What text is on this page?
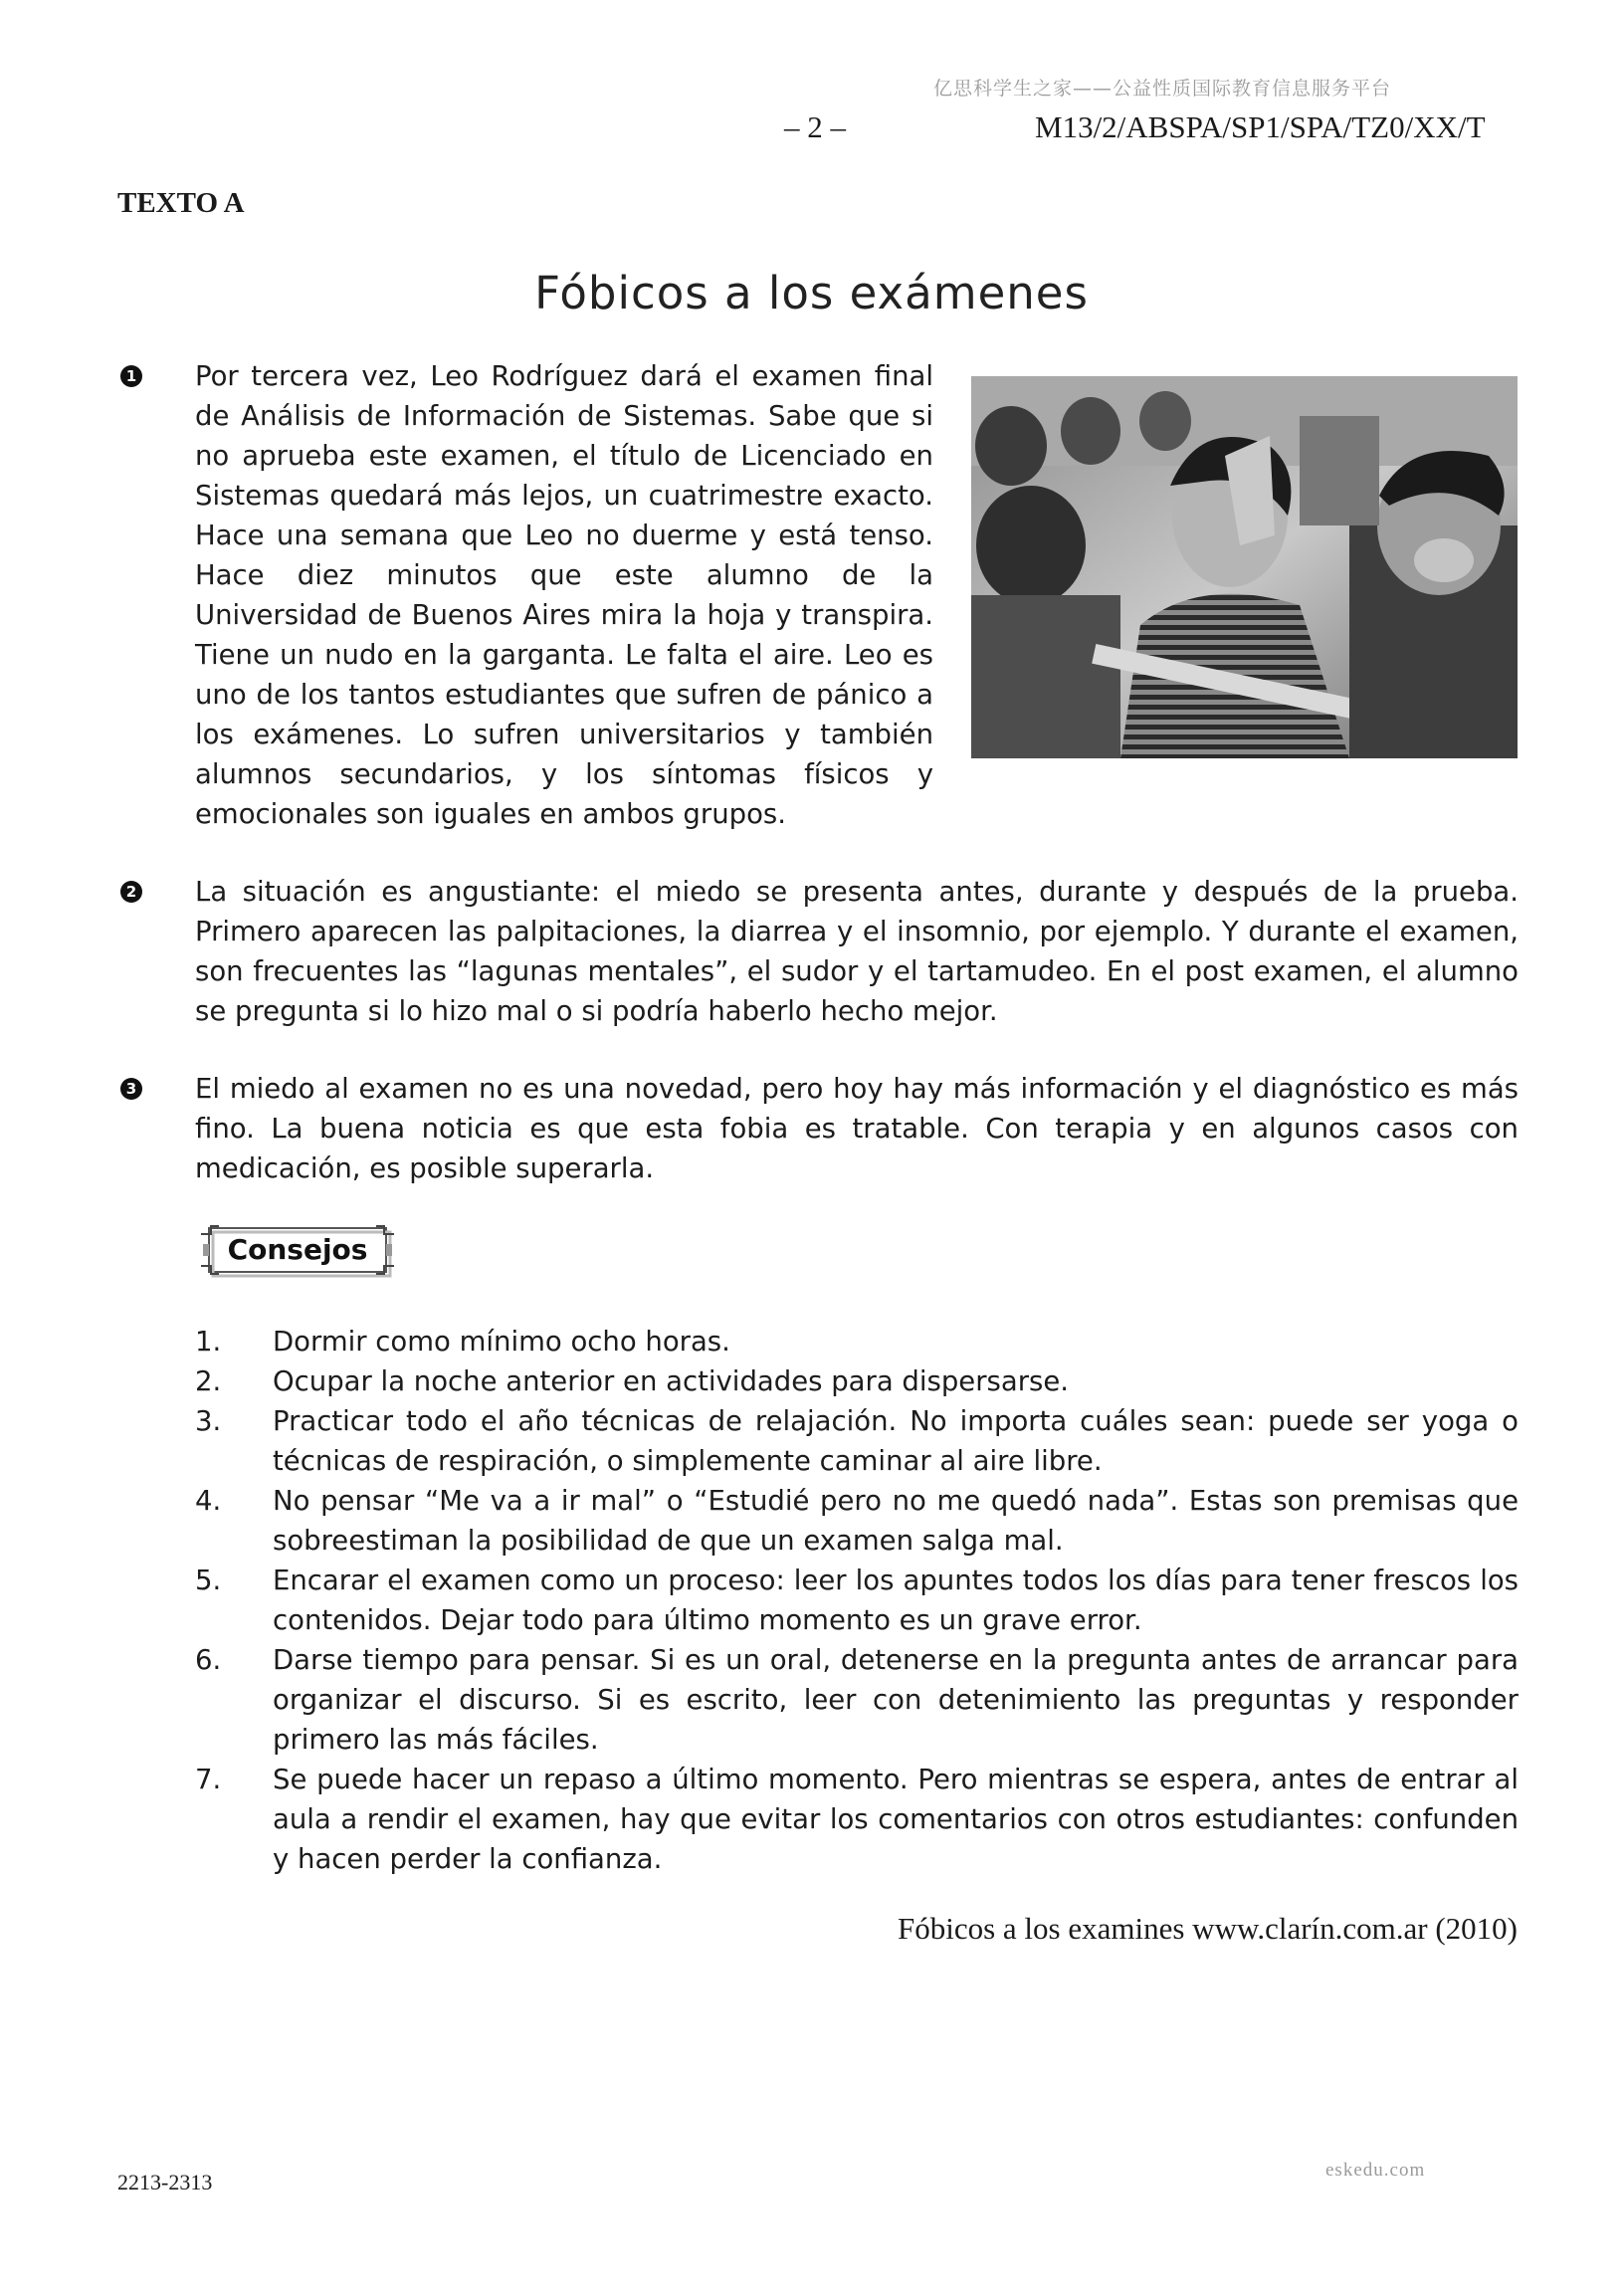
亿思科学生之家——公益性质国际教育信息服务平台
– 2 –	M13/2/ABSPA/SP1/SPA/TZ0/XX/T
TEXTO A
Fóbicos a los exámenes
1 Por tercera vez, Leo Rodríguez dará el examen final de Análisis de Información de Sistemas. Sabe que si no aprueba este examen, el título de Licenciado en Sistemas quedará más lejos, un cuatrimestre exacto. Hace una semana que Leo no duerme y está tenso. Hace diez minutos que este alumno de la Universidad de Buenos Aires mira la hoja y transpira. Tiene un nudo en la garganta. Le falta el aire. Leo es uno de los tantos estudiantes que sufren de pánico a los exámenes. Lo sufren universitarios y también alumnos secundarios, y los síntomas físicos y emocionales son iguales en ambos grupos.
2 La situación es angustiante: el miedo se presenta antes, durante y después de la prueba. Primero aparecen las palpitaciones, la diarrea y el insomnio, por ejemplo. Y durante el examen, son frecuentes las “lagunas mentales”, el sudor y el tartamudeo. En el post examen, el alumno se pregunta si lo hizo mal o si podría haberlo hecho mejor.
3 El miedo al examen no es una novedad, pero hoy hay más información y el diagnóstico es más fino. La buena noticia es que esta fobia es tratable. Con terapia y en algunos casos con medicación, es posible superarla.
Consejos
1.	Dormir como mínimo ocho horas.
2.	Ocupar la noche anterior en actividades para dispersarse.
3.	Practicar todo el año técnicas de relajación. No importa cuáles sean: puede ser yoga o técnicas de respiración, o simplemente caminar al aire libre.
4.	No pensar “Me va a ir mal” o “Estudié pero no me quedó nada”. Estas son premisas que sobreestiman la posibilidad de que un examen salga mal.
5.	Encarar el examen como un proceso: leer los apuntes todos los días para tener frescos los contenidos. Dejar todo para último momento es un grave error.
6.	Darse tiempo para pensar. Si es un oral, detenerse en la pregunta antes de arrancar para organizar el discurso. Si es escrito, leer con detenimiento las preguntas y responder primero las más fáciles.
7.	Se puede hacer un repaso a último momento. Pero mientras se espera, antes de entrar al aula a rendir el examen, hay que evitar los comentarios con otros estudiantes: confunden y hacen perder la confianza.
Fóbicos a los examines www.clarín.com.ar (2010)
2213-2313	eskedu.com
